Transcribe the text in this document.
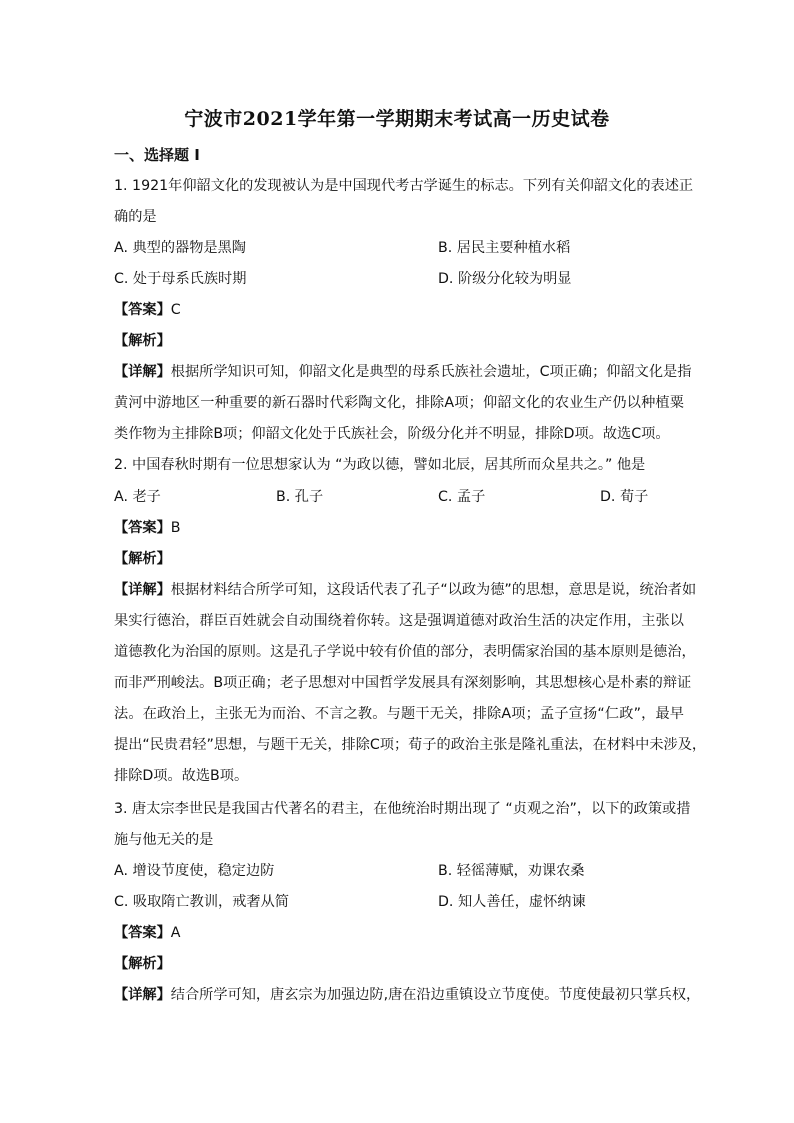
宁波市2021学年第一学期期末考试高一历史试卷
一、选择题 I
1. 1921年仰韶文化的发现被认为是中国现代考古学诞生的标志。下列有关仰韶文化的表述正
确的是
A. 典型的器物是黑陶	B. 居民主要种植水稻
C. 处于母系氏族时期	D. 阶级分化较为明显
【答案】C
【解析】
【详解】根据所学知识可知，仰韶文化是典型的母系氏族社会遗址，C项正确；仰韶文化是指
黄河中游地区一种重要的新石器时代彩陶文化，排除A项；仰韶文化的农业生产仍以种植粟
类作物为主排除B项；仰韶文化处于氏族社会，阶级分化并不明显，排除D项。故选C项。
2. 中国春秋时期有一位思想家认为 “为政以德，譬如北辰，居其所而众星共之。” 他是
A. 老子	B. 孔子	C. 孟子	D. 荀子
【答案】B
【解析】
【详解】根据材料结合所学可知，这段话代表了孔子“以政为德”的思想，意思是说，统治者如
果实行德治，群臣百姓就会自动围绕着你转。这是强调道德对政治生活的决定作用，主张以
道德教化为治国的原则。这是孔子学说中较有价值的部分，表明儒家治国的基本原则是德治，
而非严刑峻法。B项正确；老子思想对中国哲学发展具有深刻影响，其思想核心是朴素的辩证
法。在政治上，主张无为而治、不言之教。与题干无关，排除A项；孟子宣扬“仁政”，最早
提出“民贵君轻”思想，与题干无关，排除C项；荀子的政治主张是隆礼重法，在材料中未涉及，
排除D项。故选B项。
3. 唐太宗李世民是我国古代著名的君主，在他统治时期出现了 “贞观之治”，以下的政策或措
施与他无关的是
A. 增设节度使，稳定边防	B. 轻徭薄赋，劝课农桑
C. 吸取隋亡教训，戒奢从简	D. 知人善任，虚怀纳谏
【答案】A
【解析】
【详解】结合所学可知，唐玄宗为加强边防,唐在沿边重镇设立节度使。节度使最初只掌兵权，
